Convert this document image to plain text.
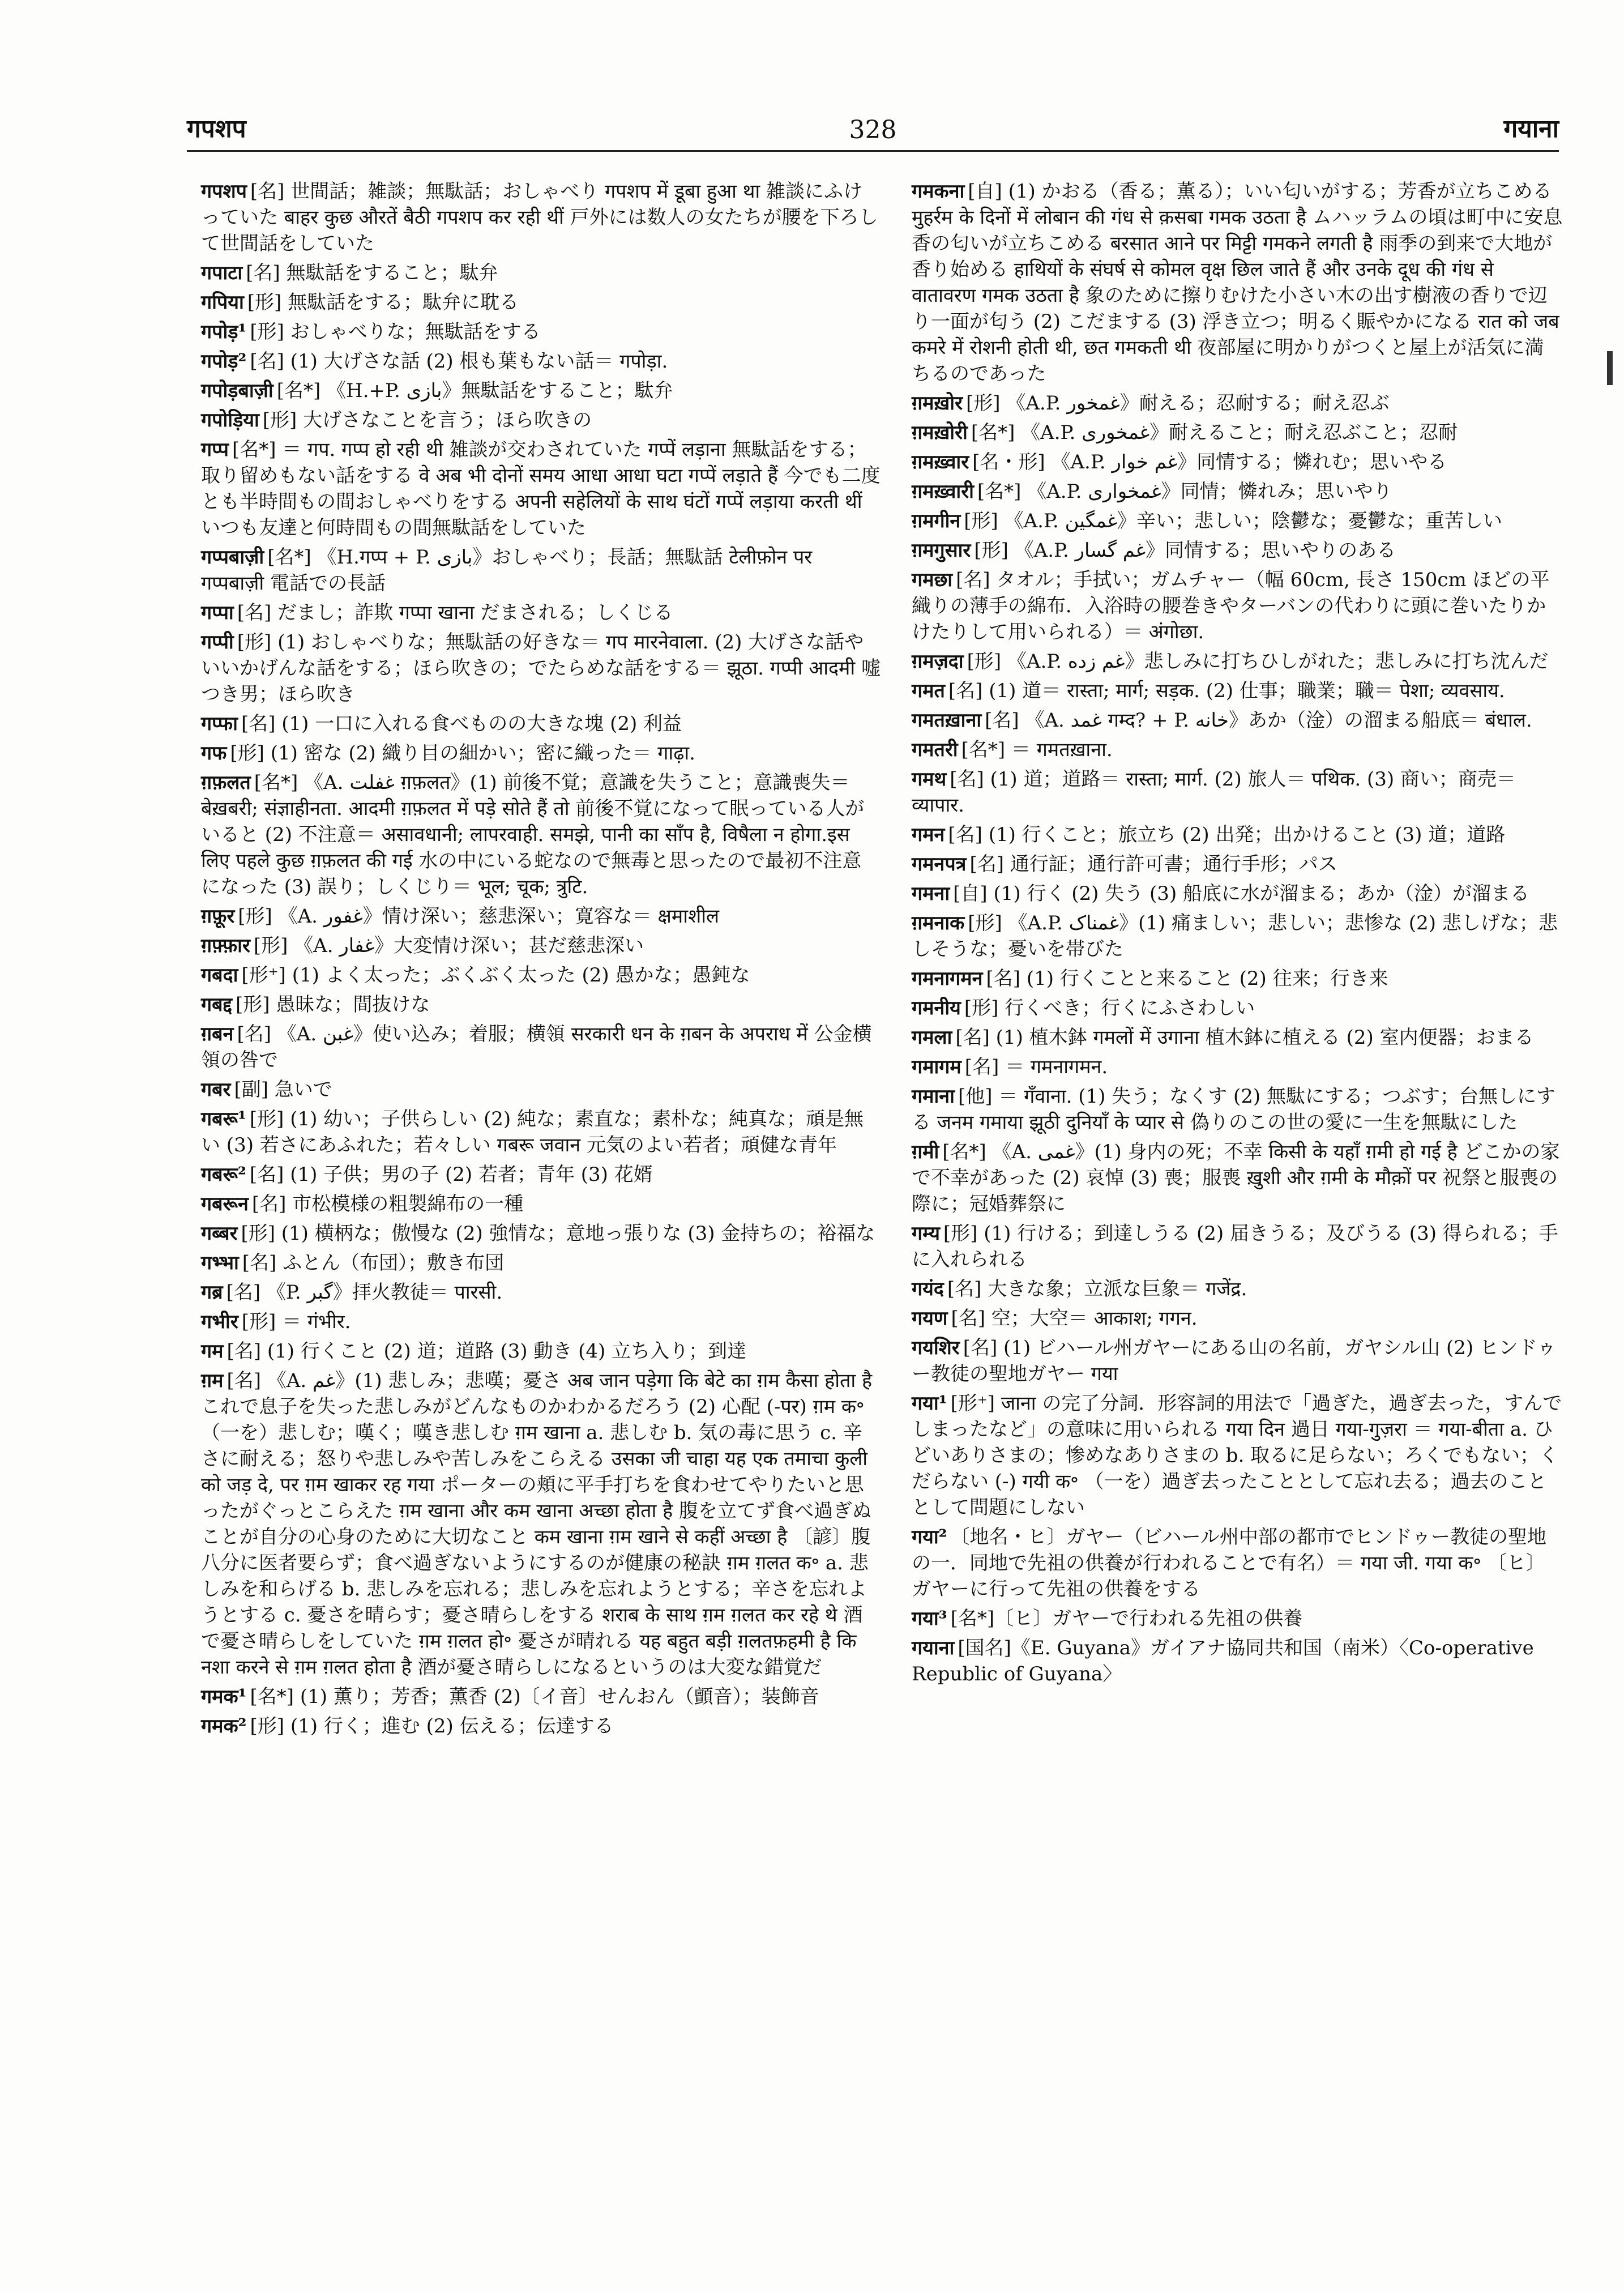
गपशप	328	गयाना
गपशप [名] 世間話；雑談；無駄話；おしゃべり गपशप में डूबा हुआ था 雑談にふけっていた बाहर कुछ औरतें बैठी गपशप कर रही थीं 戸外には数人の女たちが腰を下ろして世間話をしていた
गपाटा [名] 無駄話をすること；駄弁
गपिया [形] 無駄話をする；駄弁に耽る
गपोड़¹ [形] おしゃべりな；無駄話をする
गपोड़² [名] (1) 大げさな話 (2) 根も葉もない話＝ गपोड़ा.
गपोड़बाज़ी [名*] 《H.+P. بازی》無駄話をすること；駄弁
गपोड़िया [形] 大げさなことを言う；ほら吹きの
गप्प [名*] ＝ गप. गप्प हो रही थी 雑談が交わされていた गप्पें लड़ाना 無駄話をする；取り留めもない話をする वे अब भी दोनों समय आधा आधा घटा गप्पें लड़ाते हैं 今でも二度とも半時間もの間おしゃべりをする अपनी सहेलियों के साथ घंटों गप्पें लड़ाया करती थीं いつも友達と何時間もの間無駄話をしていた
गप्पबाज़ी [名*] 《H.गप्प + P. بازی》おしゃべり；長話；無駄話 टेलीफ़ोन पर गप्पबाज़ी 電話での長話
गप्पा [名] だまし；詐欺 गप्पा खाना だまされる；しくじる
गप्पी [形] (1) おしゃべりな；無駄話の好きな＝ गप मारनेवाला. (2) 大げさな話やいいかげんな話をする；ほら吹きの；でたらめな話をする＝ झूठा. गप्पी आदमी 嘘つき男；ほら吹き
गप्फा [名] (1) 一口に入れる食べものの大きな塊 (2) 利益
गफ [形] (1) 密な (2) 織り目の細かい；密に織った＝ गाढ़ा.
ग़फ़लत [名*] 《A. غفلت ग़फ़लत》(1) 前後不覚；意識を失うこと；意識喪失＝ बेख़बरी; संज्ञाहीनता. आदमी ग़फ़लत में पड़े सोते हैं तो 前後不覚になって眠っている人がいると (2) 不注意＝ असावधानी; लापरवाही. समझे, पानी का साँप है, विषैला न होगा.इस लिए पहले कुछ ग़फ़लत की गई 水の中にいる蛇なので無毒と思ったので最初不注意になった (3) 誤り；しくじり＝ भूल; चूक; त्रुटि.
ग़फ़ूर [形] 《A. غفور》情け深い；慈悲深い；寛容な＝ क्षमाशील
ग़फ़्फ़ार [形] 《A. غفار》大変情け深い；甚だ慈悲深い
गबदा [形⁺] (1) よく太った；ぶくぶく太った (2) 愚かな；愚鈍な
गबद्द [形] 愚昧な；間抜けな
ग़बन [名] 《A. غبن》使い込み；着服；横領 सरकारी धन के ग़बन के अपराध में 公金横領の咎で
गबर [副] 急いで
गबरू¹ [形] (1) 幼い；子供らしい (2) 純な；素直な；素朴な；純真な；頑是無い (3) 若さにあふれた；若々しい गबरू जवान 元気のよい若者；頑健な青年
गबरू² [名] (1) 子供；男の子 (2) 若者；青年 (3) 花婿
गबरून [名] 市松模様の粗製綿布の一種
गब्बर [形] (1) 横柄な；傲慢な (2) 強情な；意地っ張りな (3) 金持ちの；裕福な
गभ्भा [名] ふとん（布団）；敷き布団
गब्र [名] 《P. گبر》拝火教徒＝ पारसी.
गभीर [形] ＝ गंभीर.
गम [名] (1) 行くこと (2) 道；道路 (3) 動き (4) 立ち入り；到達
ग़म [名] 《A. غم》(1) 悲しみ；悲嘆；憂さ अब जान पड़ेगा कि बेटे का ग़म कैसा होता है これで息子を失った悲しみがどんなものかわかるだろう (2) 心配 (-पर) ग़म क॰ （一を）悲しむ；嘆く；嘆き悲しむ ग़म खाना a. 悲しむ b. 気の毒に思う c. 辛さに耐える；怒りや悲しみや苦しみをこらえる उसका जी चाहा यह एक तमाचा कुली को जड़ दे, पर ग़म खाकर रह गया ポーターの頬に平手打ちを食わせてやりたいと思ったがぐっとこらえた ग़म खाना और कम खाना अच्छा होता है 腹を立てず食べ過ぎぬことが自分の心身のために大切なこと कम खाना ग़म खाने से कहीं अच्छा है 〔諺〕腹八分に医者要らず；食べ過ぎないようにするのが健康の秘訣 ग़म ग़लत क॰ a. 悲しみを和らげる b. 悲しみを忘れる；悲しみを忘れようとする；辛さを忘れようとする c. 憂さを晴らす；憂さ晴らしをする शराब के साथ ग़म ग़लत कर रहे थे 酒で憂さ晴らしをしていた ग़म ग़लत हो॰ 憂さが晴れる यह बहुत बड़ी ग़लतफ़हमी है कि नशा करने से ग़म ग़लत होता है 酒が憂さ晴らしになるというのは大変な錯覚だ
गमक¹ [名*] (1) 薫り；芳香；薫香 (2)〔イ音〕せんおん（顫音）；装飾音
गमक² [形] (1) 行く；進む (2) 伝える；伝達する
गमकना [自] (1) かおる（香る；薫る）；いい匂いがする；芳香が立ちこめる मुहर्रम के दिनों में लोबान की गंध से क़सबा गमक उठता है ムハッラムの頃は町中に安息香の匂いが立ちこめる बरसात आने पर मिट्टी गमकने लगती है 雨季の到来で大地が香り始める हाथियों के संघर्ष से कोमल वृक्ष छिल जाते हैं और उनके दूध की गंध से वातावरण गमक उठता है 象のために擦りむけた小さい木の出す樹液の香りで辺り一面が匂う (2) こだまする (3) 浮き立つ；明るく賑やかになる रात को जब कमरे में रोशनी होती थी, छत गमकती थी 夜部屋に明かりがつくと屋上が活気に満ちるのであった
ग़मख़ोर [形] 《A.P. غمخور》耐える；忍耐する；耐え忍ぶ
ग़मख़ोरी [名*] 《A.P. غمخوری》耐えること；耐え忍ぶこと；忍耐
ग़मख़्वार [名・形] 《A.P. غم خوار》同情する；憐れむ；思いやる
ग़मख़्वारी [名*] 《A.P. غمخواری》同情；憐れみ；思いやり
ग़मगीन [形] 《A.P. غمگین》辛い；悲しい；陰鬱な；憂鬱な；重苦しい
ग़मगुसार [形] 《A.P. غم گسار》同情する；思いやりのある
गमछा [名] タオル；手拭い；ガムチャー（幅 60cm, 長さ 150cm ほどの平織りの薄手の綿布．入浴時の腰巻きやターバンの代わりに頭に巻いたりかけたりして用いられる）＝ अंगोछा.
ग़मज़दा [形] 《A.P. غم زده》悲しみに打ちひしがれた；悲しみに打ち沈んだ
गमत [名] (1) 道＝ रास्ता; मार्ग; सड़क. (2) 仕事；職業；職＝ पेशा; व्यवसाय.
गमतख़ाना [名] 《A. غمد गम्द? + P. خانه》あか（淦）の溜まる船底＝ बंधाल.
गमतरी [名*] ＝ गमतख़ाना.
गमथ [名] (1) 道；道路＝ रास्ता; मार्ग. (2) 旅人＝ पथिक. (3) 商い；商売＝ व्यापार.
गमन [名] (1) 行くこと；旅立ち (2) 出発；出かけること (3) 道；道路
गमनपत्र [名] 通行証；通行許可書；通行手形；パス
गमना [自] (1) 行く (2) 失う (3) 船底に水が溜まる；あか（淦）が溜まる
ग़मनाक [形] 《A.P. غمناک》(1) 痛ましい；悲しい；悲惨な (2) 悲しげな；悲しそうな；憂いを帯びた
गमनागमन [名] (1) 行くことと来ること (2) 往来；行き来
गमनीय [形] 行くべき；行くにふさわしい
गमला [名] (1) 植木鉢 गमलों में उगाना 植木鉢に植える (2) 室内便器；おまる
गमागम [名] ＝ गमनागमन.
गमाना [他] ＝ गँवाना. (1) 失う；なくす (2) 無駄にする；つぶす；台無しにする जनम गमाया झूठी दुनियाँ के प्यार से 偽りのこの世の愛に一生を無駄にした
ग़मी [名*] 《A. غمی》(1) 身内の死；不幸 किसी के यहाँ ग़मी हो गई है どこかの家で不幸があった (2) 哀悼 (3) 喪；服喪 ख़ुशी और ग़मी के मौक़ों पर 祝祭と服喪の際に；冠婚葬祭に
गम्य [形] (1) 行ける；到達しうる (2) 届きうる；及びうる (3) 得られる；手に入れられる
गयंद [名] 大きな象；立派な巨象＝ गजेंद्र.
गयण [名] 空；大空＝ आकाश; गगन.
गयशिर [名] (1) ビハール州ガヤーにある山の名前，ガヤシル山 (2) ヒンドゥー教徒の聖地ガヤー गया
गया¹ [形⁺] जाना の完了分詞．形容詞的用法で「過ぎた，過ぎ去った，すんでしまったなど」の意味に用いられる गया दिन 過日 गया-गुज़रा ＝ गया-बीता a. ひどいありさまの；惨めなありさまの b. 取るに足らない；ろくでもない；くだらない (-) गयी क॰ （一を）過ぎ去ったこととして忘れ去る；過去のこととして問題にしない
गया² 〔地名・ヒ〕ガヤー（ビハール州中部の都市でヒンドゥー教徒の聖地の一．同地で先祖の供養が行われることで有名）＝ गया जी. गया क॰ 〔ヒ〕ガヤーに行って先祖の供養をする
गया³ [名*]〔ヒ〕ガヤーで行われる先祖の供養
गयाना [国名]《E. Guyana》ガイアナ協同共和国（南米）〈Co-operative Republic of Guyana〉
